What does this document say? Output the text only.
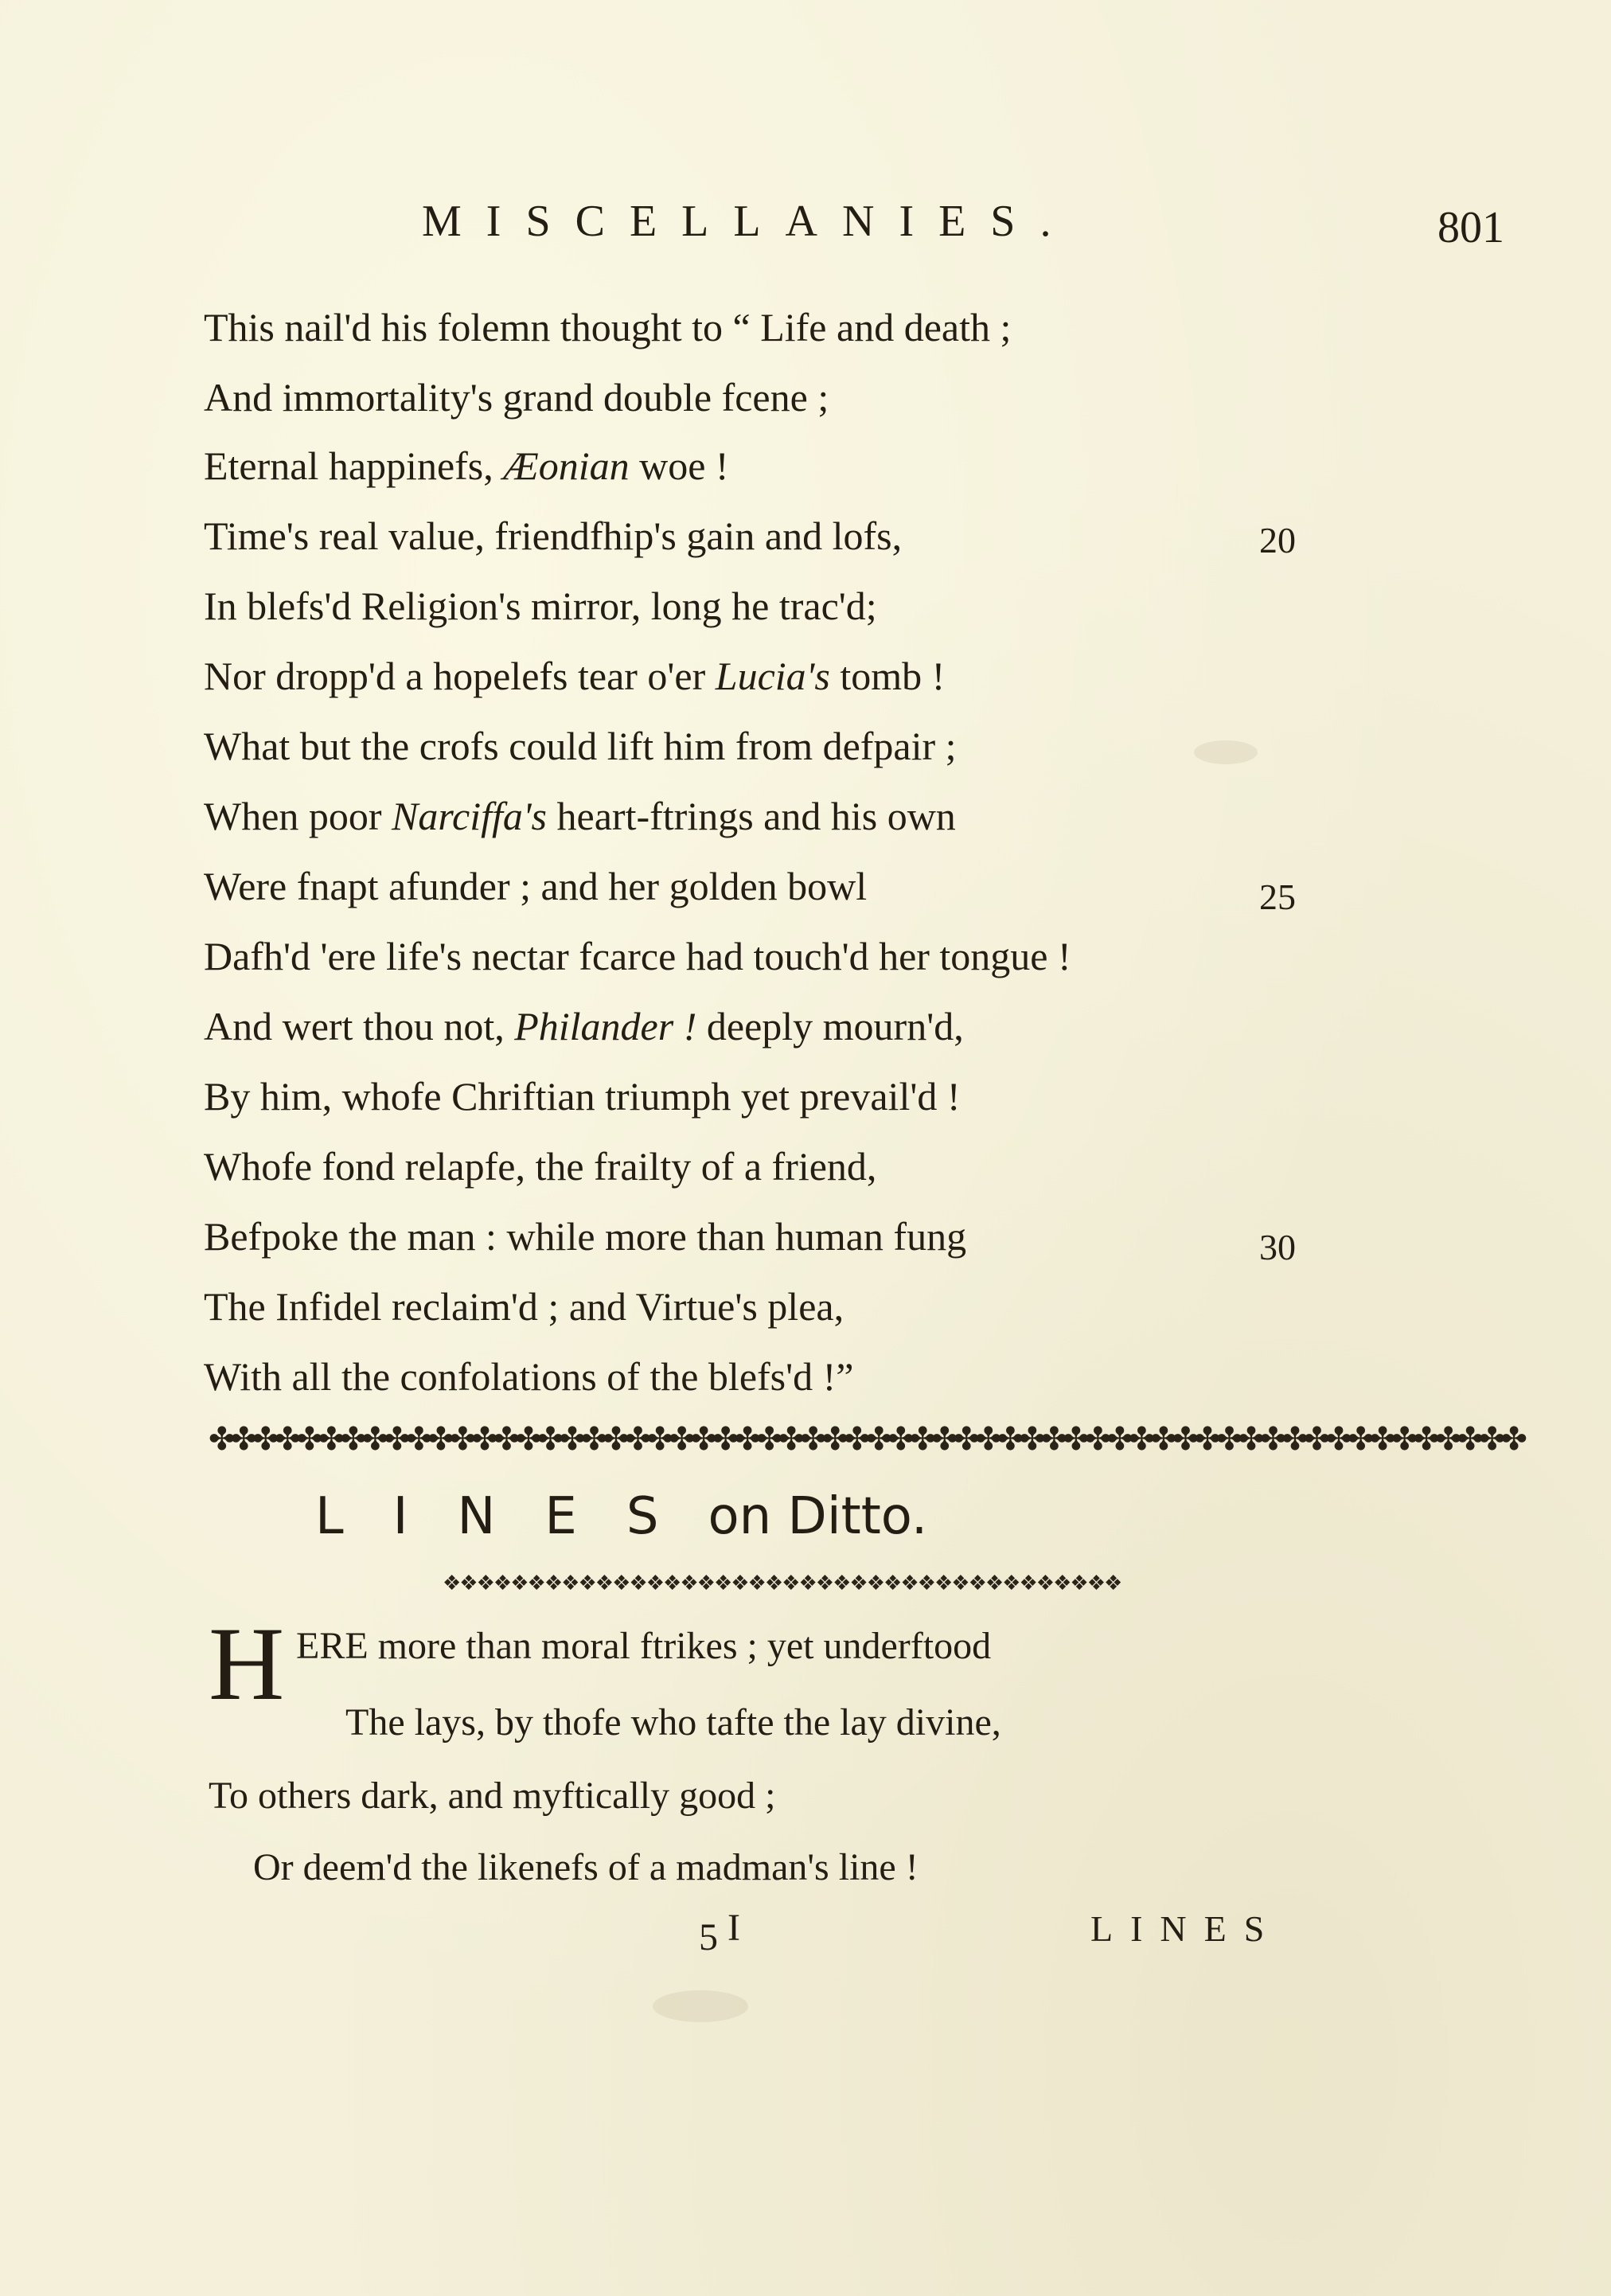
MISCELLANIES.	801
This nail'd his folemn thought to “ Life and death ;
And immortality's grand double fcene ;
Eternal happinefs, Æonian woe !
Time's real value, friendfhip's gain and lofs,	20
In blefs'd Religion's mirror, long he trac'd;
Nor dropp'd a hopelefs tear o'er Lucia's tomb !
What but the crofs could lift him from defpair ;
When poor Narciffa's heart-ftrings and his own
Were fnapt afunder ; and her golden bowl	25
Dafh'd 'ere life's nectar fcarce had touch'd her tongue !
And wert thou not, Philander ! deeply mourn'd,
By him, whofe Chriftian triumph yet prevail'd !
Whofe fond relapfe, the frailty of a friend,
Befpoke the man : while more than human fung	30
The Infidel reclaim'd ; and Virtue's plea,
With all the confolations of the blefs'd !”
✤✤✤✤✤✤✤✤✤✤✤✤✤✤✤✤✤✤✤✤✤✤✤✤✤✤✤✤✤✤✤✤✤✤✤✤✤✤✤✤✤✤✤✤✤✤✤✤✤✤✤✤✤✤✤✤✤✤✤✤
LINESon Ditto.
❖❖❖❖❖❖❖❖❖❖❖❖❖❖❖❖❖❖❖❖❖❖❖❖❖❖❖❖❖❖❖❖❖❖❖❖❖❖❖❖
H ERE more than moral ftrikes ; yet underftood
The lays, by thofe who tafte the lay divine,
To others dark, and myftically good ;
Or deem'd the likenefs of a madman's line !
5 I	LINES
